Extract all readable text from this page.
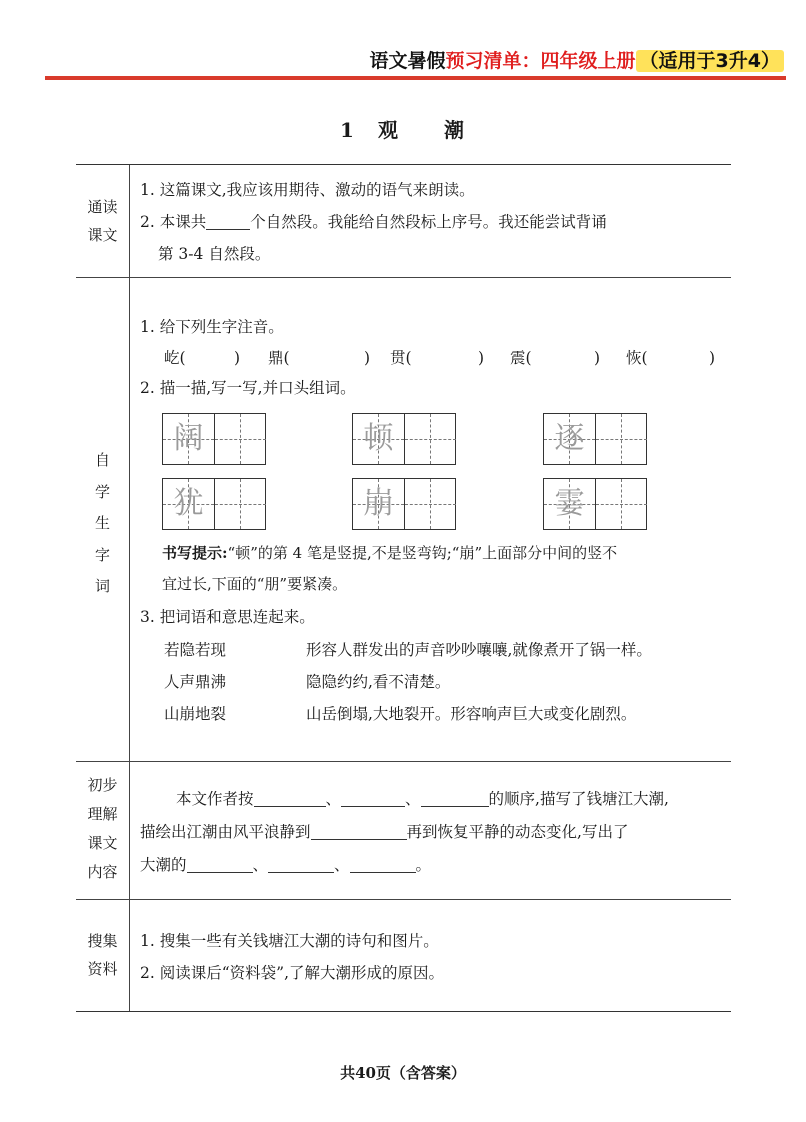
语文暑假预习清单：四年级上册 （适用于3升4）
1 观 潮
通读
课文
1. 这篇课文,我应该用期待、激动的语气来朗读。
2. 本课共	个自然段。我能给自然段标上序号。我还能尝试背诵
第 3-4 自然段。
自
学
生
字
词
1. 给下列生字注音。
屹(	) 鼎(	) 贯(	) 震(	) 恢(	)
2. 描一描,写一写,并口头组词。
阔	顿	逐
犹	崩	霎
书写提示:“顿”的第 4 笔是竖提,不是竖弯钩;“崩”上面部分中间的竖不
宜过长,下面的“朋”要紧凑。
3. 把词语和意思连起来。
若隐若现	形容人群发出的声音吵吵嚷嚷,就像煮开了锅一样。
人声鼎沸	隐隐约约,看不清楚。
山崩地裂	山岳倒塌,大地裂开。形容响声巨大或变化剧烈。
初步
理解
课文
内容
本文作者按	、	、	的顺序,描写了钱塘江大潮,
描绘出江潮由风平浪静到	再到恢复平静的动态变化,写出了
大潮的	、	、	。
搜集
资料
1. 搜集一些有关钱塘江大潮的诗句和图片。
2. 阅读课后“资料袋”,了解大潮形成的原因。
共40页（含答案）
